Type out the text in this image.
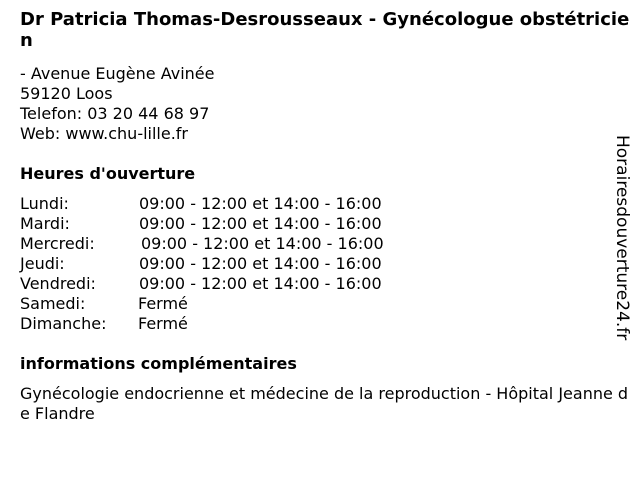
Dr Patricia Thomas-Desrousseaux - Gynécologue obstétricien
- Avenue Eugène Avinée
59120 Loos
Telefon: 03 20 44 68 97
Web: www.chu-lille.fr
Heures d'ouverture
Lundi:	09:00 - 12:00 et 14:00 - 16:00
Mardi:	09:00 - 12:00 et 14:00 - 16:00
Mercredi:	09:00 - 12:00 et 14:00 - 16:00
Jeudi:	09:00 - 12:00 et 14:00 - 16:00
Vendredi:	09:00 - 12:00 et 14:00 - 16:00
Samedi:	Fermé
Dimanche: Fermé
informations complémentaires
Gynécologie endocrienne et médecine de la reproduction - Hôpital Jeanne de Flandre
Horairesdouverture24.fr
